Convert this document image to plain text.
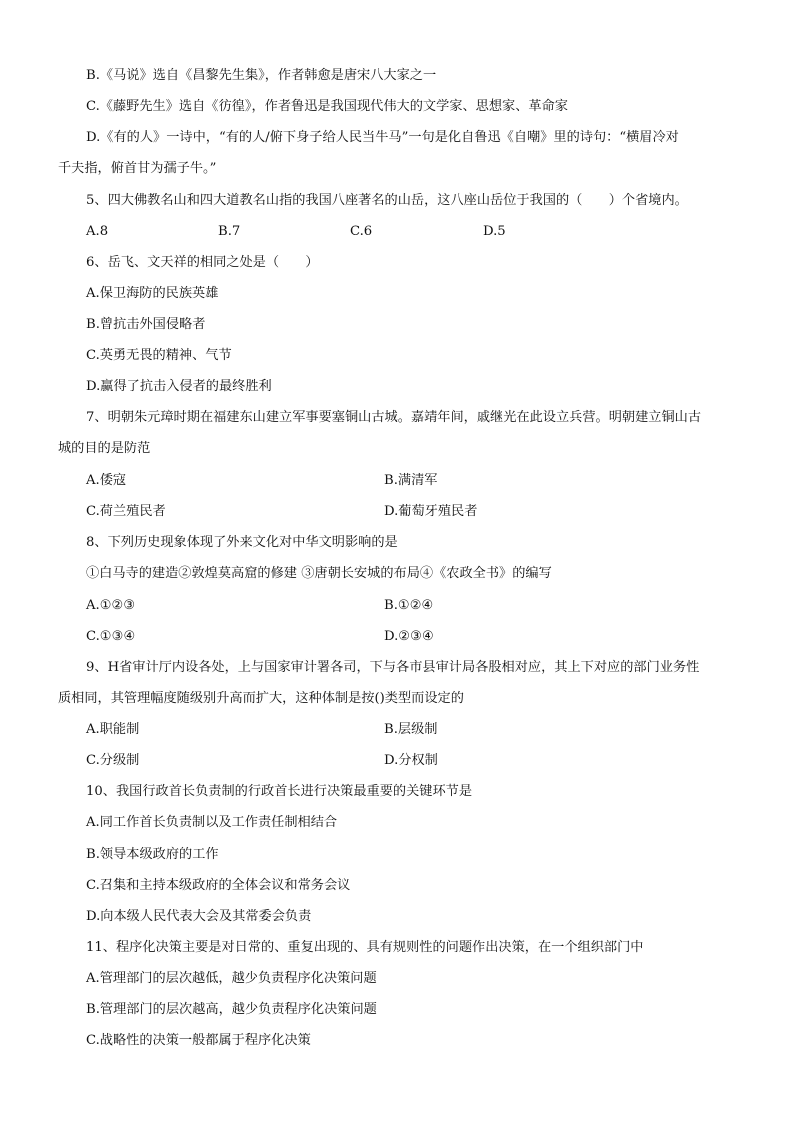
B.《马说》选自《昌黎先生集》，作者韩愈是唐宋八大家之一
C.《藤野先生》选自《彷徨》，作者鲁迅是我国现代伟大的文学家、思想家、革命家
D.《有的人》一诗中，“有的人/俯下身子给人民当牛马”一句是化自鲁迅《自嘲》里的诗句：“横眉冷对
千夫指，俯首甘为孺子牛。”
5、四大佛教名山和四大道教名山指的我国八座著名的山岳，这八座山岳位于我国的（　　）个省境内。
A.8	B.7	C.6	D.5
6、岳飞、文天祥的相同之处是（　　）
A.保卫海防的民族英雄
B.曾抗击外国侵略者
C.英勇无畏的精神、气节
D.赢得了抗击入侵者的最终胜利
7、明朝朱元璋时期在福建东山建立军事要塞铜山古城。嘉靖年间，戚继光在此设立兵营。明朝建立铜山古
城的目的是防范
A.倭寇	B.满清军
C.荷兰殖民者	D.葡萄牙殖民者
8、下列历史现象体现了外来文化对中华文明影响的是
①白马寺的建造②敦煌莫高窟的修建 ③唐朝长安城的布局④《农政全书》的编写
A.①②③	B.①②④
C.①③④	D.②③④
9、H省审计厅内设各处，上与国家审计署各司，下与各市县审计局各股相对应，其上下对应的部门业务性
质相同，其管理幅度随级别升高而扩大，这种体制是按()类型而设定的
A.职能制	B.层级制
C.分级制	D.分权制
10、我国行政首长负责制的行政首长进行决策最重要的关键环节是
A.同工作首长负责制以及工作责任制相结合
B.领导本级政府的工作
C.召集和主持本级政府的全体会议和常务会议
D.向本级人民代表大会及其常委会负责
11、程序化决策主要是对日常的、重复出现的、具有规则性的问题作出决策，在一个组织部门中
A.管理部门的层次越低，越少负责程序化决策问题
B.管理部门的层次越高，越少负责程序化决策问题
C.战略性的决策一般都属于程序化决策
